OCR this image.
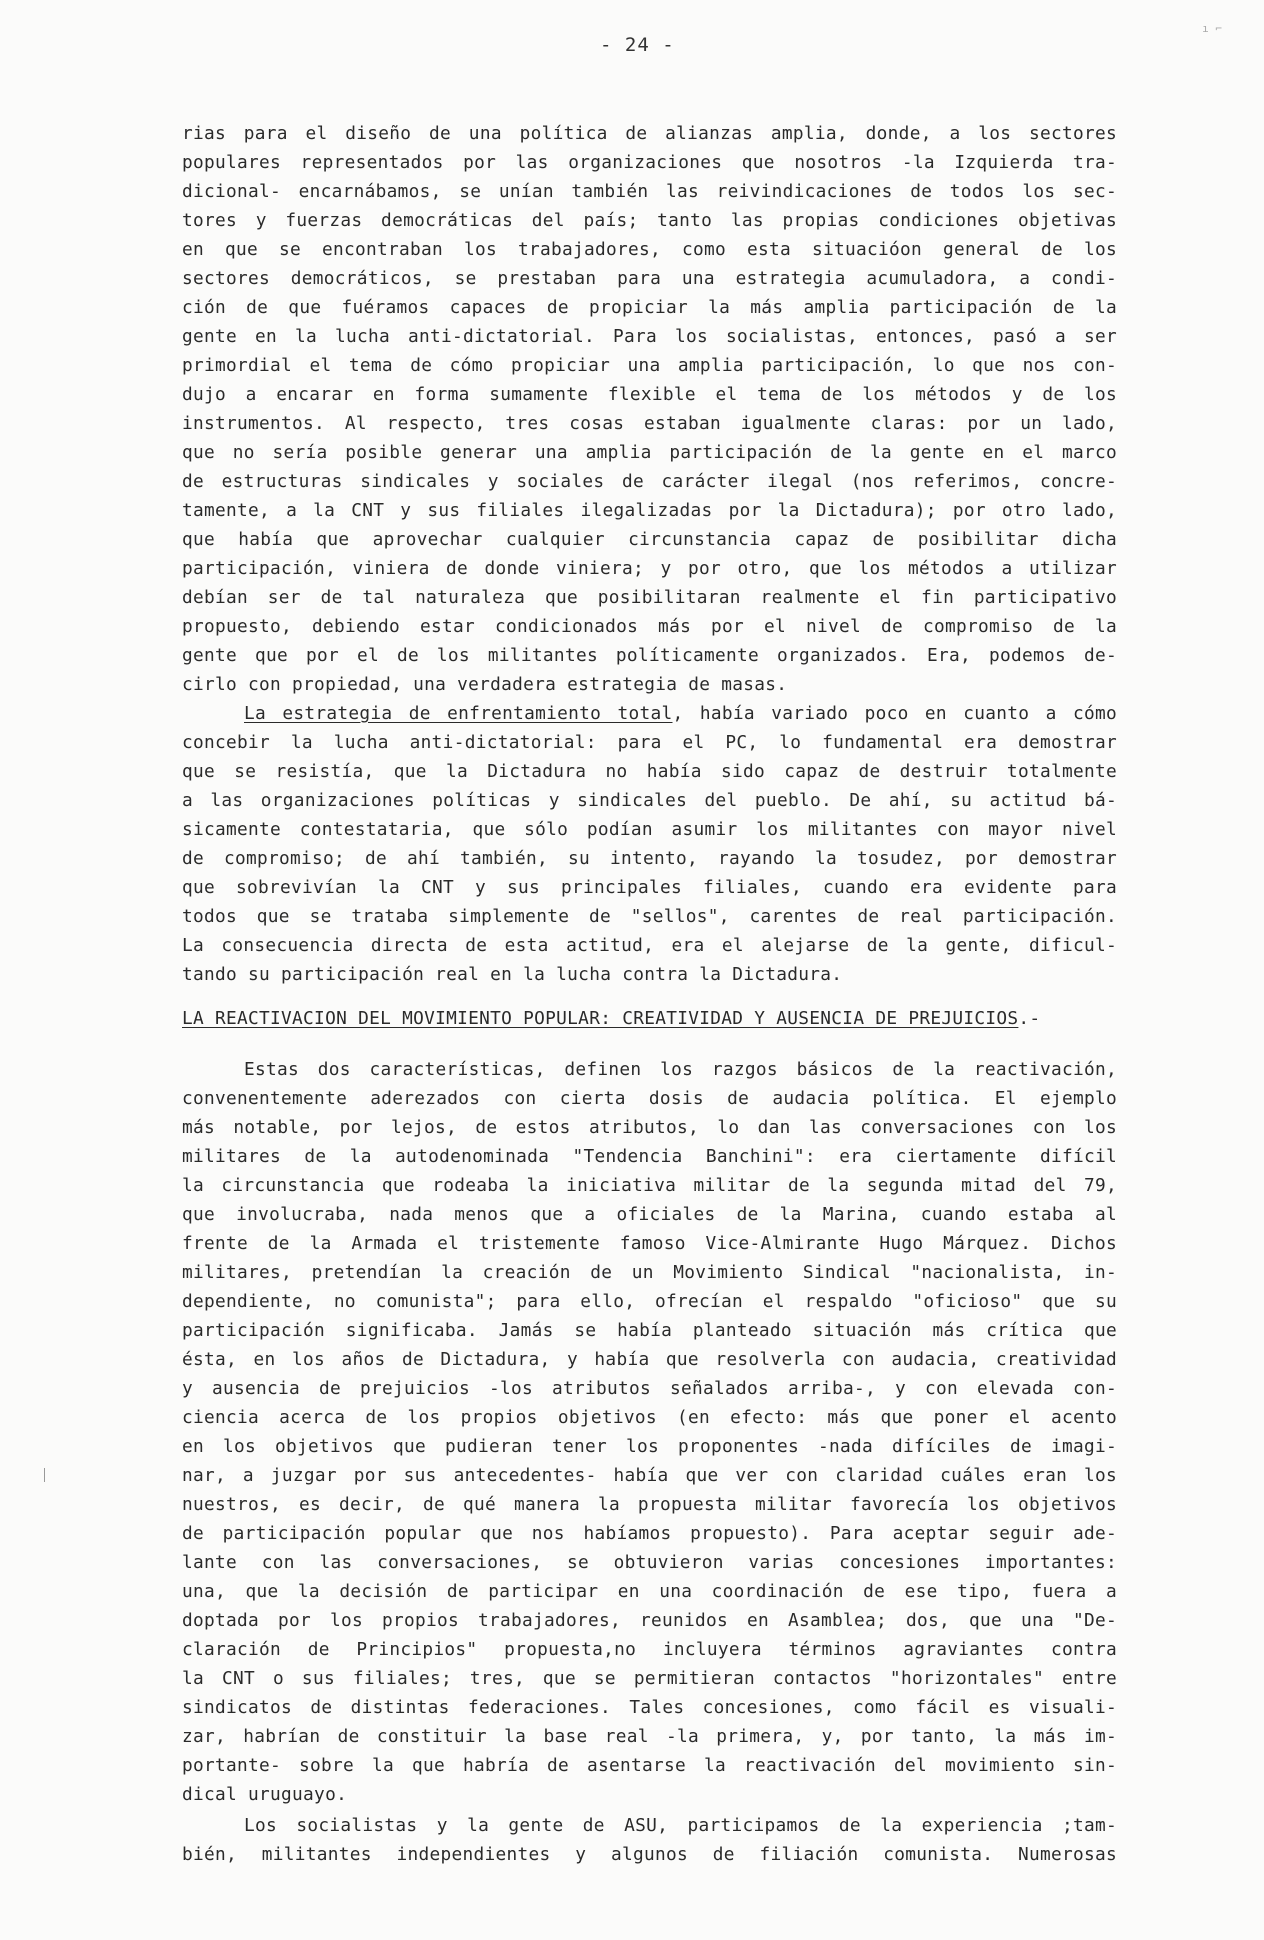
- 24 -
ı ⌐
rias para el diseño de una política de alianzas amplia, donde, a los sectores
populares representados por las organizaciones que nosotros -la Izquierda tra-
dicional- encarnábamos, se unían también las reivindicaciones de todos los sec-
tores y fuerzas democráticas del país; tanto las propias condiciones objetivas
en que se encontraban los trabajadores, como esta situacióon general de los
sectores democráticos, se prestaban para una estrategia acumuladora, a condi-
ción de que fuéramos capaces de propiciar la más amplia participación de la
gente en la lucha anti-dictatorial. Para los socialistas, entonces, pasó a ser
primordial el tema de cómo propiciar una amplia participación, lo que nos con-
dujo a encarar en forma sumamente flexible el tema de los métodos y de los
instrumentos. Al respecto, tres cosas estaban igualmente claras: por un lado,
que no sería posible generar una amplia participación de la gente en el marco
de estructuras sindicales y sociales de carácter ilegal (nos referimos, concre-
tamente, a la CNT y sus filiales ilegalizadas por la Dictadura); por otro lado,
que había que aprovechar cualquier circunstancia capaz de posibilitar dicha
participación, viniera de donde viniera; y por otro, que los métodos a utilizar
debían ser de tal naturaleza que posibilitaran realmente el fin participativo
propuesto, debiendo estar condicionados más por el nivel de compromiso de la
gente que por el de los militantes políticamente organizados. Era, podemos de-
cirlo con propiedad, una verdadera estrategia de masas.
La estrategia de enfrentamiento total, había variado poco en cuanto a cómo
concebir la lucha anti-dictatorial: para el PC, lo fundamental era demostrar
que se resistía, que la Dictadura no había sido capaz de destruir totalmente
a las organizaciones políticas y sindicales del pueblo. De ahí, su actitud bá-
sicamente contestataria, que sólo podían asumir los militantes con mayor nivel
de compromiso; de ahí también, su intento, rayando la tosudez, por demostrar
que sobrevivían la CNT y sus principales filiales, cuando era evidente para
todos que se trataba simplemente de "sellos", carentes de real participación.
La consecuencia directa de esta actitud, era el alejarse de la gente, dificul-
tando su participación real en la lucha contra la Dictadura.
LA REACTIVACION DEL MOVIMIENTO POPULAR: CREATIVIDAD Y AUSENCIA DE PREJUICIOS.-
Estas dos características, definen los razgos básicos de la reactivación,
convenentemente aderezados con cierta dosis de audacia política. El ejemplo
más notable, por lejos, de estos atributos, lo dan las conversaciones con los
militares de la autodenominada "Tendencia Banchini": era ciertamente difícil
la circunstancia que rodeaba la iniciativa militar de la segunda mitad del 79,
que involucraba, nada menos que a oficiales de la Marina, cuando estaba al
frente de la Armada el tristemente famoso Vice-Almirante Hugo Márquez. Dichos
militares, pretendían la creación de un Movimiento Sindical "nacionalista, in-
dependiente, no comunista"; para ello, ofrecían el respaldo "oficioso" que su
participación significaba. Jamás se había planteado situación más crítica que
ésta, en los años de Dictadura, y había que resolverla con audacia, creatividad
y ausencia de prejuicios -los atributos señalados arriba-, y con elevada con-
ciencia acerca de los propios objetivos (en efecto: más que poner el acento
en los objetivos que pudieran tener los proponentes -nada difíciles de imagi-
nar, a juzgar por sus antecedentes- había que ver con claridad cuáles eran los
nuestros, es decir, de qué manera la propuesta militar favorecía los objetivos
de participación popular que nos habíamos propuesto). Para aceptar seguir ade-
lante con las conversaciones, se obtuvieron varias concesiones importantes:
una, que la decisión de participar en una coordinación de ese tipo, fuera a
doptada por los propios trabajadores, reunidos en Asamblea; dos, que una "De-
claración de Principios" propuesta,no incluyera términos agraviantes contra
la CNT o sus filiales; tres, que se permitieran contactos "horizontales" entre
sindicatos de distintas federaciones. Tales concesiones, como fácil es visuali-
zar, habrían de constituir la base real -la primera, y, por tanto, la más im-
portante- sobre la que habría de asentarse la reactivación del movimiento sin-
dical uruguayo.
Los socialistas y la gente de ASU, participamos de la experiencia ;tam-
bién, militantes independientes y algunos de filiación comunista. Numerosas
